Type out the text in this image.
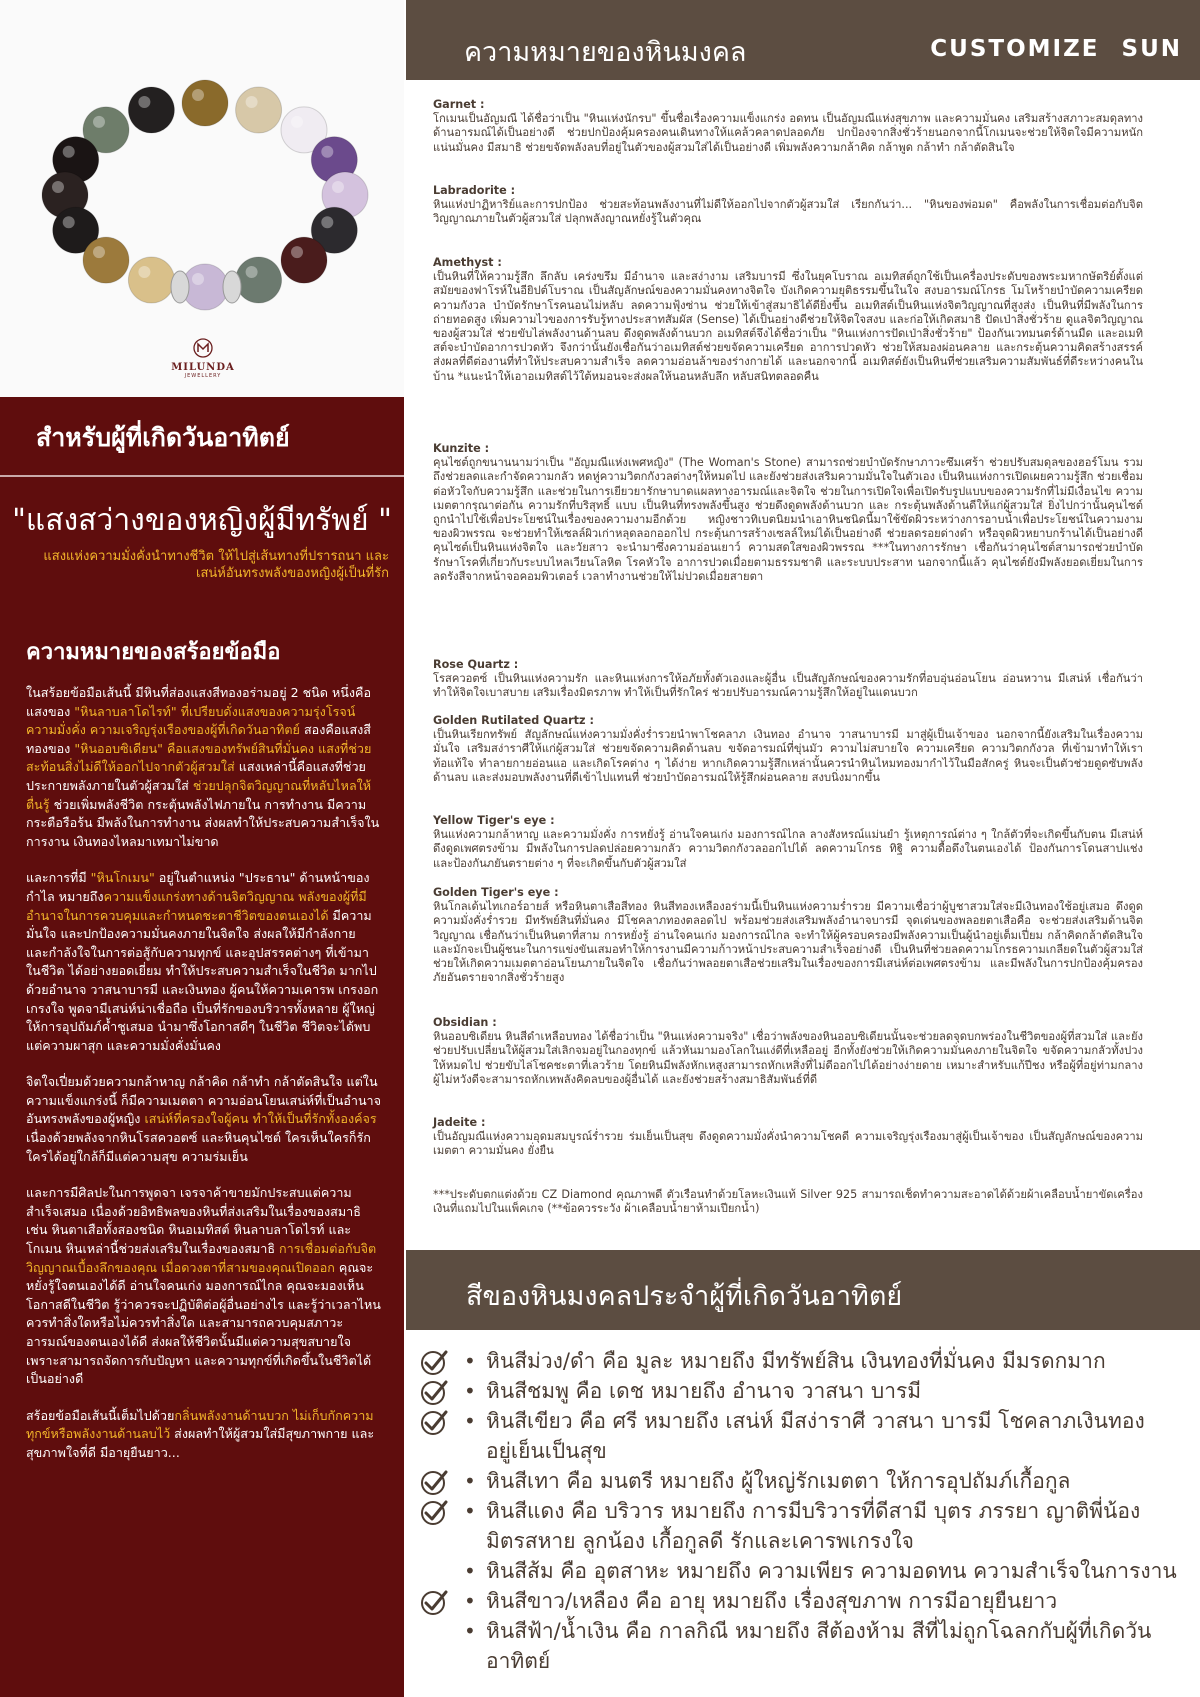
MILUNDA
JEWELLERY
สำหรับผู้ที่เกิดวันอาทิตย์
"แสงสว่างของหญิงผู้มีทรัพย์ "
แสงแห่งความมั่งคั่งนำทางชีวิต ให้ไปสู่เส้นทางที่ปรารถนา และเสน่ห์อันทรงพลังของหญิงผู้เป็นที่รัก
ความหมายของสร้อยข้อมือ

ในสร้อยข้อมือเส้นนี้ มีหินที่ส่องแสงสีทองอร่ามอยู่ 2 ชนิด หนึ่งคือแสงของ "หินลาบลาโดไรท์" ที่เปรียบดั่งแสงของความรุ่งโรจน์ ความมั่งคั่ง ความเจริญรุ่งเรืองของผู้ที่เกิดวันอาทิตย์ สองคือแสงสีทองของ "หินออบซิเดียน" คือแสงของทรัพย์สินที่มั่นคง แสงที่ช่วยสะท้อนสิ่งไม่ดีให้ออกไปจากตัวผู้สวมใส่ แสงเหล่านี้คือแสงที่ช่วยประกายพลังภายในตัวผู้สวมใส่ ช่วยปลุกจิตวิญญาณที่หลับไหลให้ตื่นรู้ ช่วยเพิ่มพลังชีวิต กระตุ้นพลังไฟภายใน การทำงาน มีความกระตือรือร้น มีพลังในการทำงาน ส่งผลทำให้ประสบความสำเร็จในการงาน เงินทองไหลมาเทมาไม่ขาด

และการที่มี "หินโกเมน" อยู่ในตำแหน่ง "ประธาน" ด้านหน้าของกำไล หมายถึงความแข็งแกร่งทางด้านจิตวิญญาณ พลังของผู้ที่มีอำนาจในการควบคุมและกำหนดชะตาชีวิตของตนเองได้ มีความมั่นใจ และปกป้องความมั่นคงภายในจิตใจ ส่งผลให้มีกำลังกาย และกำลังใจในการต่อสู้กับความทุกข์ และอุปสรรคต่างๆ ที่เข้ามาในชีวิต ได้อย่างยอดเยี่ยม ทำให้ประสบความสำเร็จในชีวิต มากไปด้วยอำนาจ วาสนาบารมี และเงินทอง ผู้คนให้ความเคารพ เกรงอก เกรงใจ พูดจามีเสน่ห์น่าเชื่อถือ เป็นที่รักของบริวารทั้งหลาย ผู้ใหญ่ให้การอุปถัมภ์ค้ำชูเสมอ นำมาซึ่งโอกาสดีๆ ในชีวิต ชีวิตจะได้พบแต่ความผาสุก และความมั่งคั่งมั่นคง

จิตใจเปี่ยมด้วยความกล้าหาญ กล้าคิด กล้าทำ กล้าตัดสินใจ แต่ในความแข็งแกร่งนี้ ก็มีความเมตตา ความอ่อนโยนเสน่ห์ที่เป็นอำนาจอันทรงพลังของผู้หญิง เสน่ห์ที่ครองใจผู้คน ทำให้เป็นที่รักทั้งองค์จร เนื่องด้วยพลังจากหินโรสควอตซ์ และหินคุนไซต์ ใครเห็นใครก็รักใครได้อยู่ใกล้ก็มีแต่ความสุข ความร่มเย็น

และการมีศิลปะในการพูดจา เจรจาค้าขายมักประสบแต่ความสำเร็จเสมอ เนื่องด้วยอิทธิพลของหินที่ส่งเสริมในเรื่องของสมาธิ เช่น หินตาเสือทั้งสองชนิด หินอเมทิสต์ หินลาบลาโดไรท์ และโกเมน หินเหล่านี้ช่วยส่งเสริมในเรื่องของสมาธิ การเชื่อมต่อกับจิตวิญญาณเบื้องลึกของคุณ เมื่อดวงตาที่สามของคุณเปิดออก คุณจะหยั่งรู้ใจตนเองได้ดี อ่านใจคนเก่ง มองการณ์ไกล คุณจะมองเห็นโอกาสดีในชีวิต รู้ว่าควรจะปฏิบัติต่อผู้อื่นอย่างไร และรู้ว่าเวลาไหนควรทำสิ่งใดหรือไม่ควรทำสิ่งใด และสามารถควบคุมสภาวะอารมณ์ของตนเองได้ดี ส่งผลให้ชีวิตนั้นมีแต่ความสุขสบายใจ เพราะสามารถจัดการกับปัญหา และความทุกข์ที่เกิดขึ้นในชีวิตได้เป็นอย่างดี

สร้อยข้อมือเส้นนี้เต็มไปด้วยกลิ่นพลังงานด้านบวก ไม่เก็บกักความทุกข์หรือพลังงานด้านลบไว้ ส่งผลทำให้ผู้สวมใส่มีสุขภาพกาย และสุขภาพใจที่ดี มีอายุยืนยาว...

ความหมายของหินมงคล	CUSTOMIZE SUN
Garnet :
โกเมนเป็นอัญมณี ได้ชื่อว่าเป็น "หินแห่งนักรบ" ขึ้นชื่อเรื่องความแข็งแกร่ง อดทน เป็นอัญมณีแห่งสุขภาพ และความมั่นคง เสริมสร้างสภาวะสมดุลทางด้านอารมณ์ได้เป็นอย่างดี ช่วยปกป้องคุ้มครองคนเดินทางให้แคล้วคลาดปลอดภัย ปกป้องจากสิ่งชั่วร้ายนอกจากนี้โกเมนจะช่วยให้จิตใจมีความหนักแน่นมั่นคง มีสมาธิ ช่วยขจัดพลังลบที่อยู่ในตัวของผู้สวมใส่ได้เป็นอย่างดี เพิ่มพลังความกล้าคิด กล้าพูด กล้าทำ กล้าตัดสินใจ
Labradorite :
หินแห่งปาฏิหาริย์และการปกป้อง ช่วยสะท้อนพลังงานที่ไม่ดีให้ออกไปจากตัวผู้สวมใส่ เรียกกันว่า... "หินของพ่อมด" คือพลังในการเชื่อมต่อกับจิตวิญญาณภายในตัวผู้สวมใส่ ปลุกพลังญาณหยั่งรู้ในตัวคุณ
Amethyst :
เป็นหินที่ให้ความรู้สึก ลึกลับ เคร่งขรึม มีอำนาจ และสง่างาม เสริมบารมี ซึ่งในยุคโบราณ อเมทิสต์ถูกใช้เป็นเครื่องประดับของพระมหากษัตริย์ตั้งแต่สมัยของฟาโรห์ในอียิปต์โบราณ เป็นสัญลักษณ์ของความมั่นคงทางจิตใจ บังเกิดความยุติธรรมขึ้นในใจ สงบอารมณ์โกรธ โมโหร้ายบำบัดความเครียด ความกังวล บำบัดรักษาโรคนอนไม่หลับ ลดความฟุ้งซ่าน ช่วยให้เข้าสู่สมาธิได้ดียิ่งขึ้น อเมทิสต์เป็นหินแห่งจิตวิญญาณที่สูงส่ง เป็นหินที่มีพลังในการถ่ายทอดสูง เพิ่มความไวของการรับรู้ทางประสาทสัมผัส (Sense) ได้เป็นอย่างดีช่วยให้จิตใจสงบ และก่อให้เกิดสมาธิ ปัดเป่าสิ่งชั่วร้าย ดูแลจิตวิญญาณของผู้สวมใส่ ช่วยขับไล่พลังงานด้านลบ ดึงดูดพลังด้านบวก อเมทิสต์จึงได้ชื่อว่าเป็น "หินแห่งการปัดเป่าสิ่งชั่วร้าย" ป้องกันเวทมนตร์ด้านมืด และอเมทิสต์จะบำบัดอาการปวดหัว จึงกว่านั้นยังเชื่อกันว่าอเมทิสต์ช่วยขจัดความเครียด อาการปวดหัว ช่วยให้สมองผ่อนคลาย และกระตุ้นความคิดสร้างสรรค์ ส่งผลที่ดีต่องานที่ทำให้ประสบความสำเร็จ ลดความอ่อนล้าของร่างกายได้ และนอกจากนี้ อเมทิสต์ยังเป็นหินที่ช่วยเสริมความสัมพันธ์ที่ดีระหว่างคนในบ้าน *แนะนำให้เอาอเมทิสต์ไว้ใต้หมอนจะส่งผลให้นอนหลับลึก หลับสนิทตลอดคืน
Kunzite :
คุนไซต์ถูกขนานนามว่าเป็น "อัญมณีแห่งเพศหญิง" (The Woman's Stone) สามารถช่วยบำบัดรักษาภาวะซึมเศร้า ช่วยปรับสมดุลของฮอร์โมน รวมถึงช่วยลดและกำจัดความกลัว หดหู่ความวิตกกังวลต่างๆให้หมดไป และยังช่วยส่งเสริมความมั่นใจในตัวเอง เป็นหินแห่งการเปิดเผยความรู้สึก ช่วยเชื่อมต่อหัวใจกับความรู้สึก และช่วยในการเยียวยารักษาบาดแผลทางอารมณ์และจิตใจ ช่วยในการเปิดใจเพื่อเปิดรับรูปแบบของความรักที่ไม่มีเงื่อนไข ความเมตตากรุณาต่อกัน ความรักที่บริสุทธิ์ แบบ เป็นหินที่ทรงพลังขึ้นสูง ช่วยดึงดูดพลังด้านบวก และ กระตุ้นพลังด้านดีให้แก่ผู้สวมใส่ ยิ่งไปกว่านั้นคุนไซต์ถูกนำไปใช้เพื่อประโยชน์ในเรื่องของความงามอีกด้วย หญิงชาวทิเบตนิยมนำเอาหินชนิดนี้มาใช้ขัดผิวระหว่างการอาบน้ำเพื่อประโยชน์ในความงามของผิวพรรณ จะช่วยทำให้เซลล์ผิวเก่าหลุดลอกออกไป กระตุ้นการสร้างเซลล์ใหม่ได้เป็นอย่างดี ช่วยลดรอยด่างดำ หรือจุดผิวหยาบกร้านได้เป็นอย่างดี คุนไซต์เป็นหินแห่งจิตใจ และวัยสาว จะนำมาซึ่งความอ่อนเยาว์ ความสดใสของผิวพรรณ ***ในทางการรักษา เชื่อกันว่าคุนไซต์สามารถช่วยบำบัดรักษาโรคที่เกี่ยวกับระบบไหลเวียนโลหิต โรคหัวใจ อาการปวดเมื่อยตามธรรมชาติ และระบบประสาท นอกจากนี้แล้ว คุนไซต์ยังมีพลังยอดเยี่ยมในการลดรังสีจากหน้าจอคอมพิวเตอร์ เวลาทำงานช่วยให้ไม่ปวดเมื่อยสายตา
Rose Quartz :
โรสควอตซ์ เป็นหินแห่งความรัก และหินแห่งการให้อภัยทั้งตัวเองและผู้อื่น เป็นสัญลักษณ์ของความรักที่อบอุ่นอ่อนโยน อ่อนหวาน มีเสน่ห์ เชื่อกันว่าทำให้จิตใจเบาสบาย เสริมเรื่องมิตรภาพ ทำให้เป็นที่รักใคร่ ช่วยปรับอารมณ์ความรู้สึกให้อยู่ในแดนบวก
Golden Rutilated Quartz :
เป็นหินเรียกทรัพย์ สัญลักษณ์แห่งความมั่งคั่งร่ำรวยนำพาโชคลาภ เงินทอง อำนาจ วาสนาบารมี มาสู่ผู้เป็นเจ้าของ นอกจากนี้ยังเสริมในเรื่องความมั่นใจ เสริมสง่าราศีให้แก่ผู้สวมใส่ ช่วยขจัดความคิดด้านลบ ขจัดอารมณ์ที่ขุ่นมัว ความไม่สบายใจ ความเครียด ความวิตกกังวล ที่เข้ามาทำให้เราท้อแท้ใจ ทำลายกายอ่อนแอ และเกิดโรคต่าง ๆ ได้ง่าย หากเกิดความรู้สึกเหล่านั้นควรนำหินไหมทองมากำไว้ในมือสักครู่ หินจะเป็นตัวช่วยดูดซับพลังด้านลบ และส่งมอบพลังงานที่ดีเข้าไปแทนที่ ช่วยบำบัดอารมณ์ให้รู้สึกผ่อนคลาย สงบนิ่งมากขึ้น
Yellow Tiger's eye :
หินแห่งความกล้าหาญ และความมั่งคั่ง การหยั่งรู้ อ่านใจคนเก่ง มองการณ์ไกล ลางสังหรณ์แม่นยำ รู้เหตุการณ์ต่าง ๆ ใกล้ตัวที่จะเกิดขึ้นกับตน มีเสน่ห์ดึงดูดเพศตรงข้าม มีพลังในการปลดปล่อยความกลัว ความวิตกกังวลออกไปได้ ลดความโกรธ ทิฐิ ความดื้อดึงในตนเองได้ ป้องกันการโดนสาปแช่ง และป้องกันภยันตรายต่าง ๆ ที่จะเกิดขึ้นกับตัวผู้สวมใส่
Golden Tiger's eye :
หินโกลเด้นไทเกอร์อายส์ หรือหินตาเสือสีทอง หินสีทองเหลืองอร่ามนี้เป็นหินแห่งความร่ำรวย มีความเชื่อว่าผู้บูชาสวมใส่จะมีเงินทองใช้อยู่เสมอ ดึงดูดความมั่งคั่งร่ำรวย มีทรัพย์สินที่มั่นคง มีโชคลาภทองตลอดไป พร้อมช่วยส่งเสริมพลังอำนาจบารมี จุดเด่นของพลอยตาเสือคือ จะช่วยส่งเสริมด้านจิตวิญญาณ เชื่อกันว่าเป็นหินตาที่สาม การหยั่งรู้ อ่านใจคนเก่ง มองการณ์ไกล จะทำให้ผู้ครอบครองมีพลังความเป็นผู้นำอยู่เต็มเปี่ยม กล้าคิดกล้าตัดสินใจ และมักจะเป็นผู้ชนะในการแข่งขันเสมอทำให้การงานมีความก้าวหน้าประสบความสำเร็จอย่างดี เป็นหินที่ช่วยลดความโกรธความเกลียดในตัวผู้สวมใส่ ช่วยให้เกิดความเมตตาอ่อนโยนภายในจิตใจ เชื่อกันว่าพลอยตาเสือช่วยเสริมในเรื่องของการมีเสน่ห์ต่อเพศตรงข้าม และมีพลังในการปกป้องคุ้มครองภัยอันตรายจากสิ่งชั่วร้ายสูง
Obsidian :
หินออบซิเดียน หินสีดำเหลือบทอง ได้ชื่อว่าเป็น "หินแห่งความจริง" เชื่อว่าพลังของหินออบซิเดียนนั้นจะช่วยลดจุดบกพร่องในชีวิตของผู้ที่สวมใส่ และยังช่วยปรับเปลี่ยนให้ผู้สวมใส่เลิกจมอยู่ในกองทุกข์ แล้วหันมามองโลกในแง่ดีที่เหลืออยู่ อีกทั้งยังช่วยให้เกิดความมั่นคงภายในจิตใจ ขจัดความกลัวทั้งปวงให้หมดไป ช่วยขับไล่โชคชะตาที่เลวร้าย โดยหินมีพลังหักเหสูงสามารถหักเหสิ่งที่ไม่ดีออกไปได้อย่างง่ายดาย เหมาะสำหรับแก้ปีชง หรือผู้ที่อยู่ท่ามกลางผู้ไม่หวังดีจะสามารถหักเหพลังคิดลบของผู้อื่นได้ และยังช่วยสร้างสมาธิสัมพันธ์ที่ดี
Jadeite :
เป็นอัญมณีแห่งความอุดมสมบูรณ์ร่ำรวย ร่มเย็นเป็นสุข ดึงดูดความมั่งคั่งนำความโชคดี ความเจริญรุ่งเรืองมาสู่ผู้เป็นเจ้าของ เป็นสัญลักษณ์ของความเมตตา ความมั่นคง ยั่งยืน
***ประดับตกแต่งด้วย CZ Diamond คุณภาพดี ตัวเรือนทำด้วยโลหะเงินแท้ Silver 925 สามารถเช็ดทำความสะอาดได้ด้วยผ้าเคลือบน้ำยาขัดเครื่องเงินที่แถมไปในแพ็คเกจ (**ข้อควรระวัง ผ้าเคลือบน้ำยาห้ามเปียกน้ำ)
สีของหินมงคลประจำผู้ที่เกิดวันอาทิตย์
• หินสีม่วง/ดำ คือ มูละ หมายถึง มีทรัพย์สิน เงินทองที่มั่นคง มีมรดกมาก
• หินสีชมพู คือ เดช หมายถึง อำนาจ วาสนา บารมี
• หินสีเขียว คือ ศรี หมายถึง เสน่ห์ มีสง่าราศี วาสนา บารมี โชคลาภเงินทอง อยู่เย็นเป็นสุข
• หินสีเทา คือ มนตรี หมายถึง ผู้ใหญ่รักเมตตา ให้การอุปถัมภ์เกื้อกูล
• หินสีแดง คือ บริวาร หมายถึง การมีบริวารที่ดีสามี บุตร ภรรยา ญาติพี่น้อง มิตรสหาย ลูกน้อง เกื้อกูลดี รักและเคารพเกรงใจ
• หินสีส้ม คือ อุตสาหะ หมายถึง ความเพียร ความอดทน ความสำเร็จในการงาน
• หินสีขาว/เหลือง คือ อายุ หมายถึง เรื่องสุขภาพ การมีอายุยืนยาว
• หินสีฟ้า/น้ำเงิน คือ กาลกิณี หมายถึง สีต้องห้าม สีที่ไม่ถูกโฉลกกับผู้ที่เกิดวันอาทิตย์
